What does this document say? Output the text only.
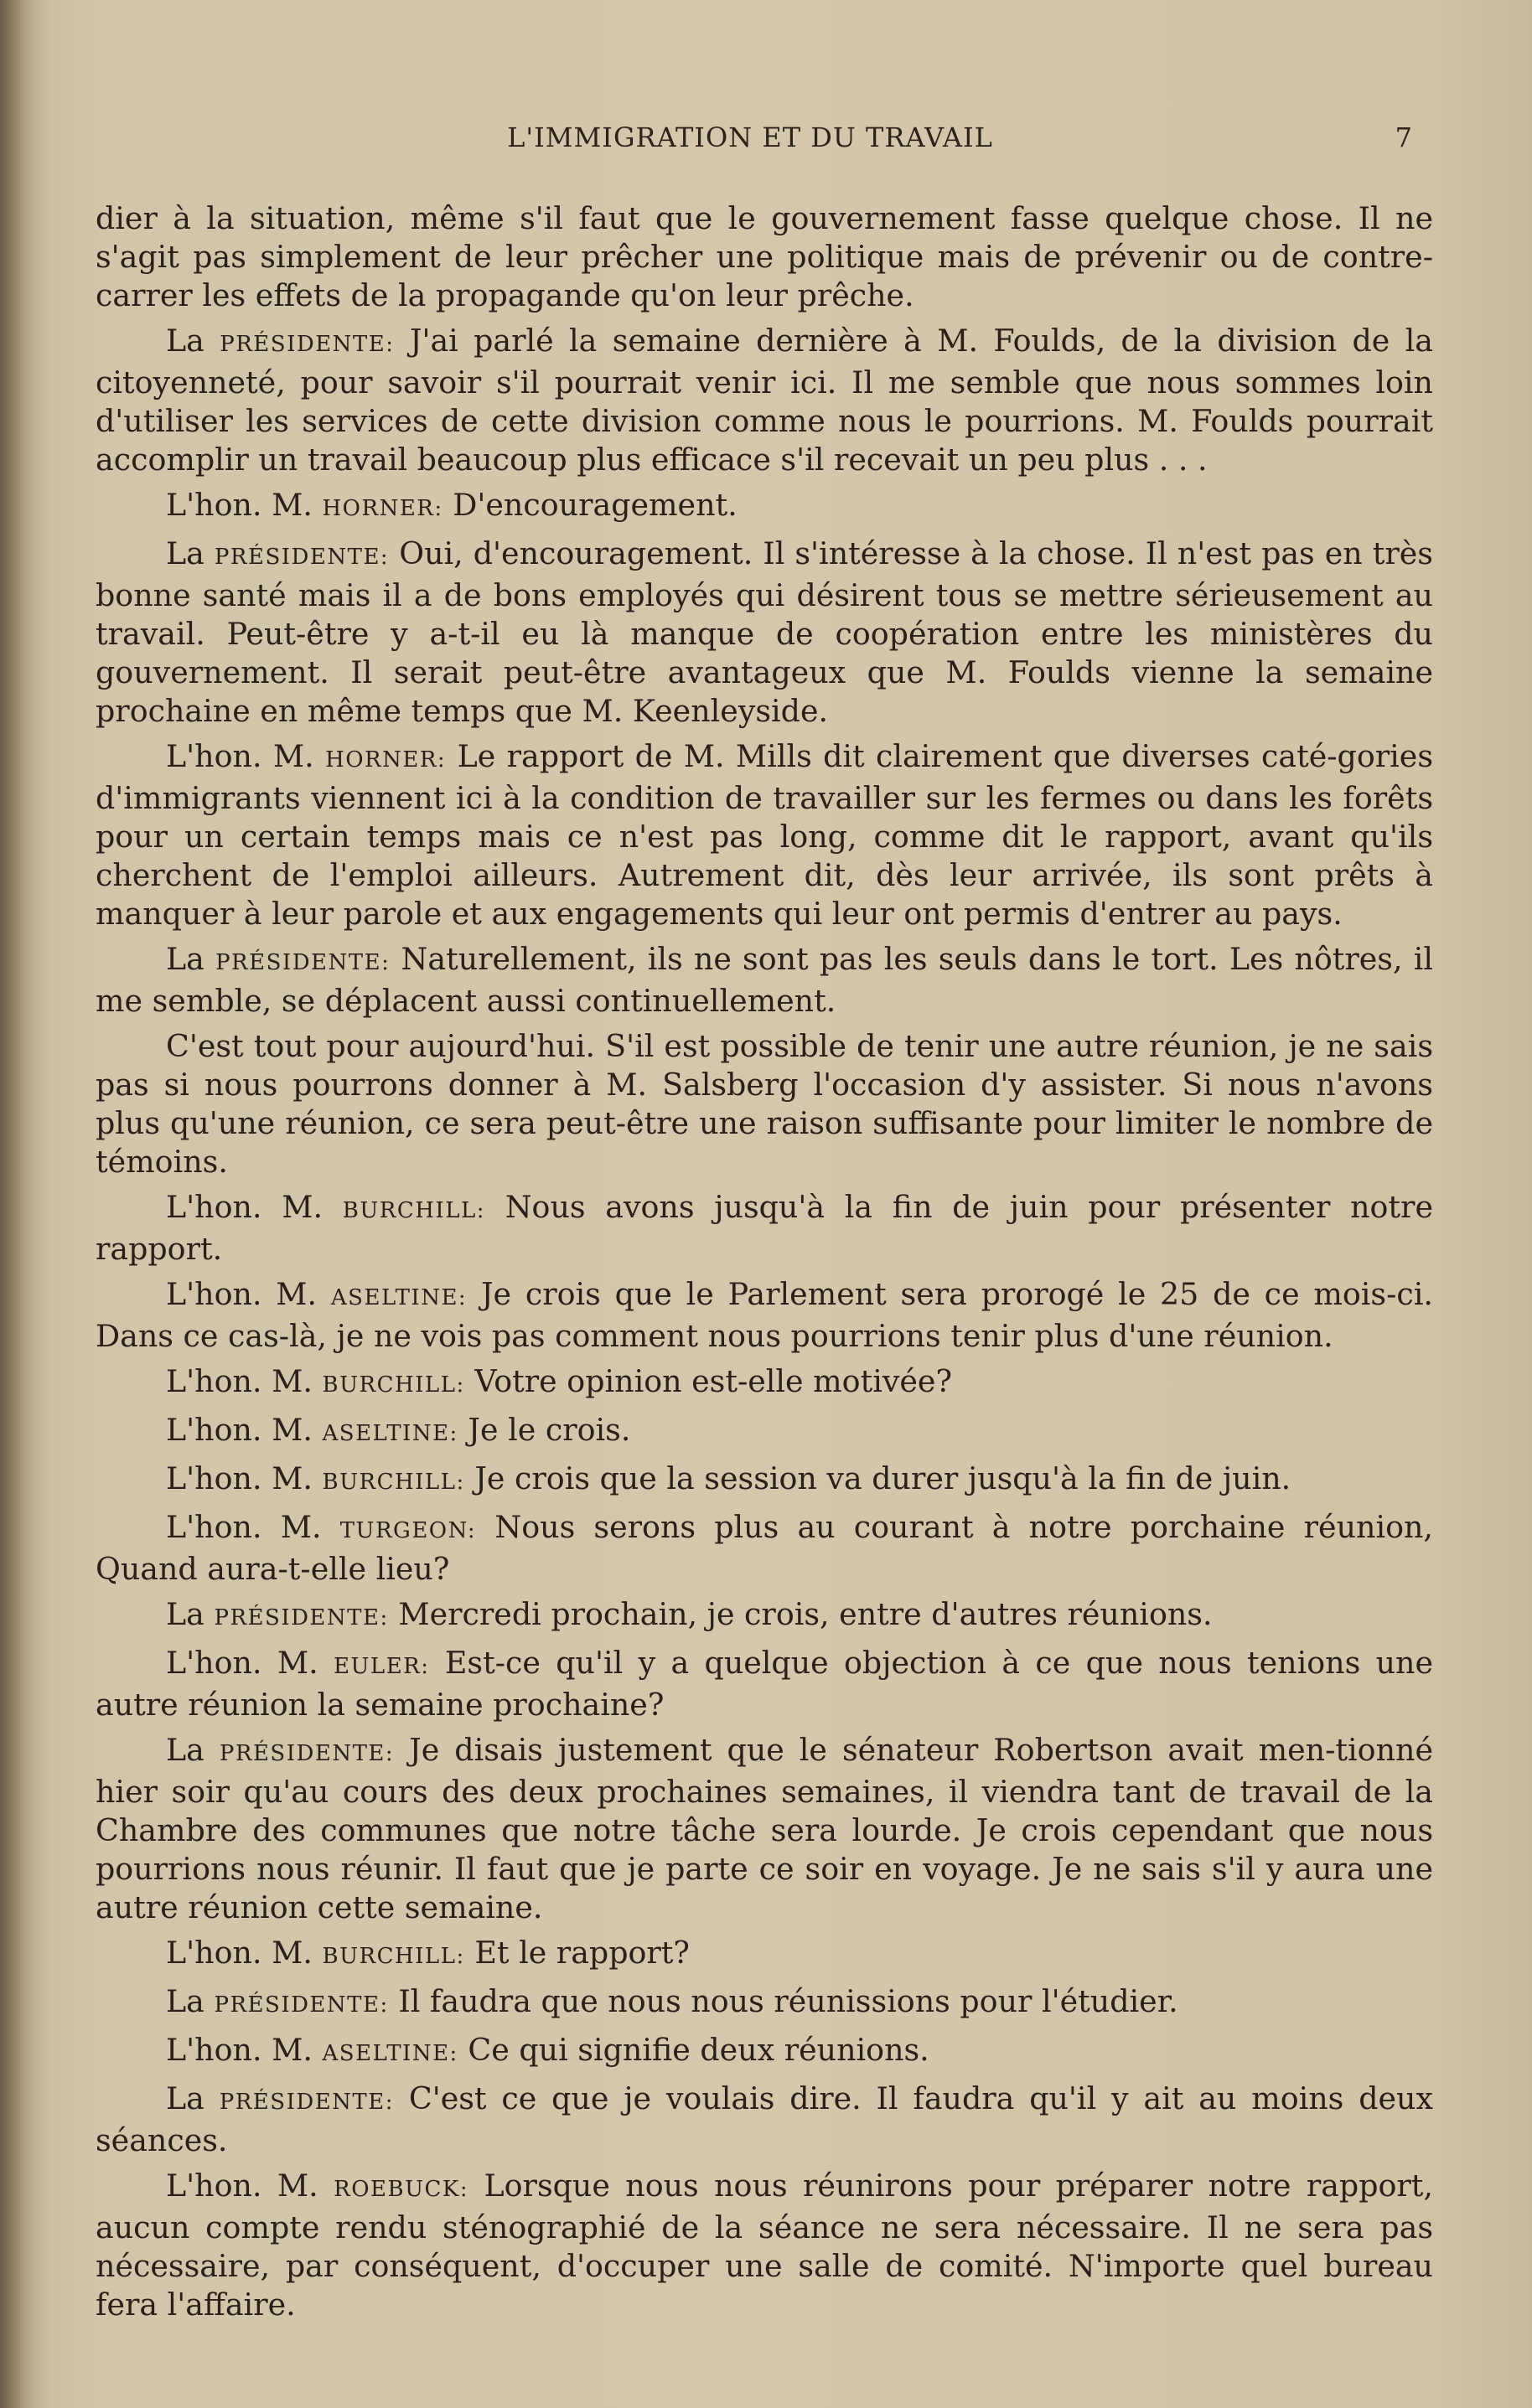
L'IMMIGRATION ET DU TRAVAIL	7

dier à la situation, même s'il faut que le gouvernement fasse quelque chose. Il ne s'agit pas simplement de leur prêcher une politique mais de prévenir ou de contre-carrer les effets de la propagande qu'on leur prêche.

La PRÉSIDENTE: J'ai parlé la semaine dernière à M. Foulds, de la division de la citoyenneté, pour savoir s'il pourrait venir ici. Il me semble que nous sommes loin d'utiliser les services de cette division comme nous le pourrions. M. Foulds pourrait accomplir un travail beaucoup plus efficace s'il recevait un peu plus . . .

L'hon. M. HORNER: D'encouragement.

La PRÉSIDENTE: Oui, d'encouragement. Il s'intéresse à la chose. Il n'est pas en très bonne santé mais il a de bons employés qui désirent tous se mettre sérieusement au travail. Peut-être y a-t-il eu là manque de coopération entre les ministères du gouvernement. Il serait peut-être avantageux que M. Foulds vienne la semaine prochaine en même temps que M. Keenleyside.

L'hon. M. HORNER: Le rapport de M. Mills dit clairement que diverses caté-gories d'immigrants viennent ici à la condition de travailler sur les fermes ou dans les forêts pour un certain temps mais ce n'est pas long, comme dit le rapport, avant qu'ils cherchent de l'emploi ailleurs. Autrement dit, dès leur arrivée, ils sont prêts à manquer à leur parole et aux engagements qui leur ont permis d'entrer au pays.

La PRÉSIDENTE: Naturellement, ils ne sont pas les seuls dans le tort. Les nôtres, il me semble, se déplacent aussi continuellement.

C'est tout pour aujourd'hui. S'il est possible de tenir une autre réunion, je ne sais pas si nous pourrons donner à M. Salsberg l'occasion d'y assister. Si nous n'avons plus qu'une réunion, ce sera peut-être une raison suffisante pour limiter le nombre de témoins.

L'hon. M. BURCHILL: Nous avons jusqu'à la fin de juin pour présenter notre rapport.

L'hon. M. ASELTINE: Je crois que le Parlement sera prorogé le 25 de ce mois-ci. Dans ce cas-là, je ne vois pas comment nous pourrions tenir plus d'une réunion.

L'hon. M. BURCHILL: Votre opinion est-elle motivée?

L'hon. M. ASELTINE: Je le crois.

L'hon. M. BURCHILL: Je crois que la session va durer jusqu'à la fin de juin.

L'hon. M. TURGEON: Nous serons plus au courant à notre porchaine réunion, Quand aura-t-elle lieu?

La PRÉSIDENTE: Mercredi prochain, je crois, entre d'autres réunions.

L'hon. M. EULER: Est-ce qu'il y a quelque objection à ce que nous tenions une autre réunion la semaine prochaine?

La PRÉSIDENTE: Je disais justement que le sénateur Robertson avait men-tionné hier soir qu'au cours des deux prochaines semaines, il viendra tant de travail de la Chambre des communes que notre tâche sera lourde. Je crois cependant que nous pourrions nous réunir. Il faut que je parte ce soir en voyage. Je ne sais s'il y aura une autre réunion cette semaine.

L'hon. M. BURCHILL: Et le rapport?

La PRÉSIDENTE: Il faudra que nous nous réunissions pour l'étudier.

L'hon. M. ASELTINE: Ce qui signifie deux réunions.

La PRÉSIDENTE: C'est ce que je voulais dire. Il faudra qu'il y ait au moins deux séances.

L'hon. M. ROEBUCK: Lorsque nous nous réunirons pour préparer notre rapport, aucun compte rendu sténographié de la séance ne sera nécessaire. Il ne sera pas nécessaire, par conséquent, d'occuper une salle de comité. N'importe quel bureau fera l'affaire.
